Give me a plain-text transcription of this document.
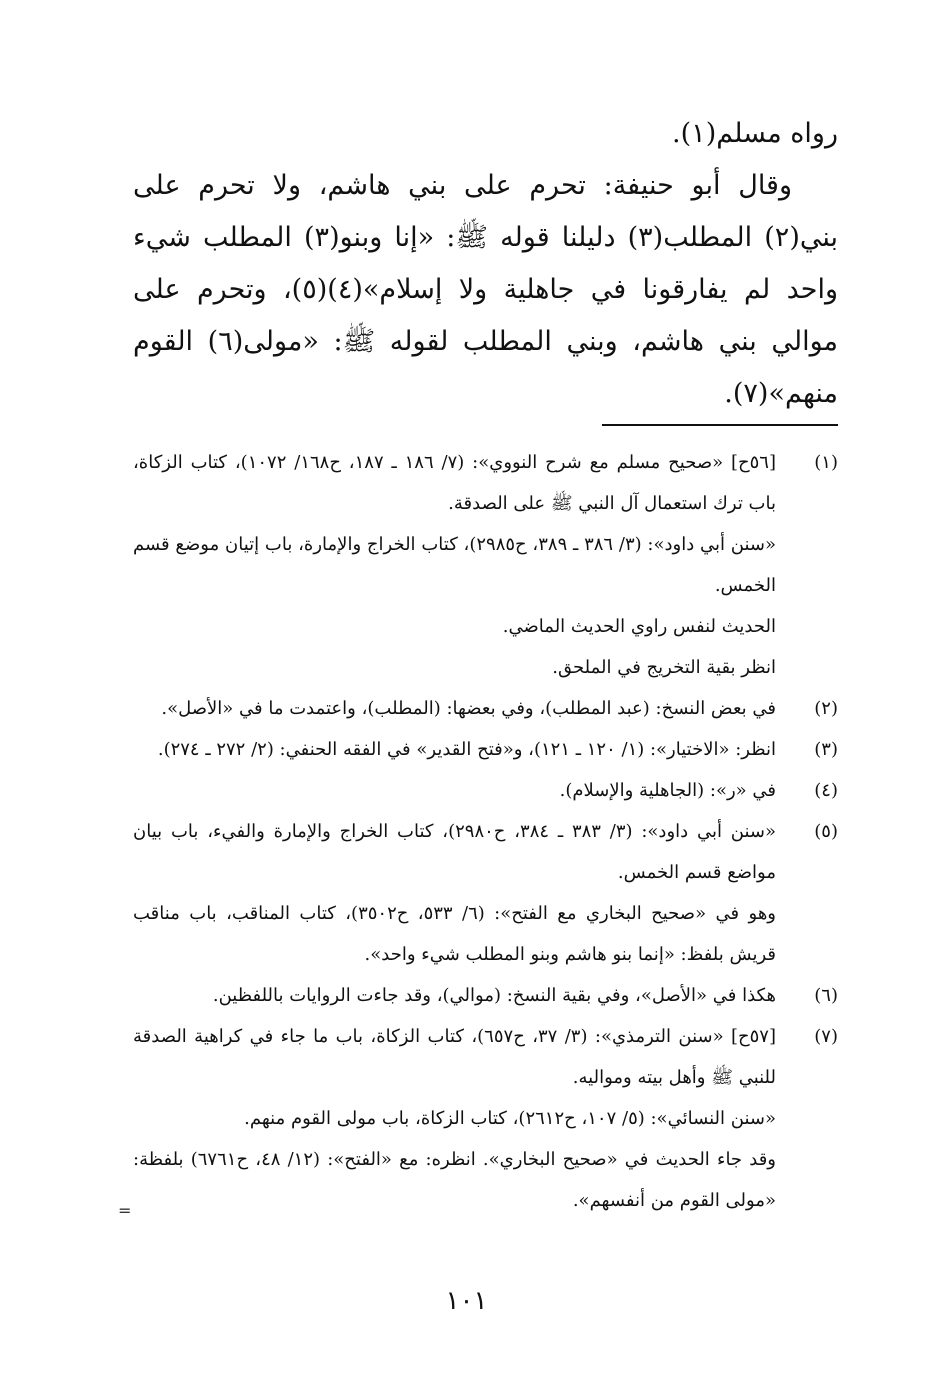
رواه مسلم(١).

وقال أبو حنيفة: تحرم على بني هاشم، ولا تحرم على بني(٢) المطلب(٣) دليلنا قوله ﷺ: «إنا وبنو(٣) المطلب شيء واحد لم يفارقونا في جاهلية ولا إسلام»(٤)(٥)، وتحرم على موالي بني هاشم، وبني المطلب لقوله ﷺ: «مولى(٦) القوم منهم»(٧).

(١)
[٥٦ح] «صحيح مسلم مع شرح النووي»: (٧/ ١٨٦ ـ ١٨٧، ح١٦٨/ ١٠٧٢)، كتاب الزكاة، باب ترك استعمال آل النبي ﷺ على الصدقة.
«سنن أبي داود»: (٣/ ٣٨٦ ـ ٣٨٩، ح٢٩٨٥)، كتاب الخراج والإمارة، باب إتيان موضع قسم الخمس.
الحديث لنفس راوي الحديث الماضي.
انظر بقية التخريج في الملحق.
(٢)
في بعض النسخ: (عبد المطلب)، وفي بعضها: (المطلب)، واعتمدت ما في «الأصل».
(٣)
انظر: «الاختيار»: (١/ ١٢٠ ـ ١٢١)، و«فتح القدير» في الفقه الحنفي: (٢/ ٢٧٢ ـ ٢٧٤).
(٤)
في «ر»: (الجاهلية والإسلام).
(٥)
«سنن أبي داود»: (٣/ ٣٨٣ ـ ٣٨٤، ح٢٩٨٠)، كتاب الخراج والإمارة والفيء، باب بيان مواضع قسم الخمس.
وهو في «صحيح البخاري مع الفتح»: (٦/ ٥٣٣، ح٣٥٠٢)، كتاب المناقب، باب مناقب قريش بلفظ: «إنما بنو هاشم وبنو المطلب شيء واحد».
(٦)
هكذا في «الأصل»، وفي بقية النسخ: (موالي)، وقد جاءت الروايات باللفظين.
(٧)
[٥٧ح] «سنن الترمذي»: (٣/ ٣٧، ح٦٥٧)، كتاب الزكاة، باب ما جاء في كراهية الصدقة للنبي ﷺ وأهل بيته ومواليه.
«سنن النسائي»: (٥/ ١٠٧، ح٢٦١٢)، كتاب الزكاة، باب مولى القوم منهم.
وقد جاء الحديث في «صحيح البخاري». انظره: مع «الفتح»: (١٢/ ٤٨، ح٦٧٦١) بلفظة: «مولى القوم من أنفسهم».
=
١٠١
